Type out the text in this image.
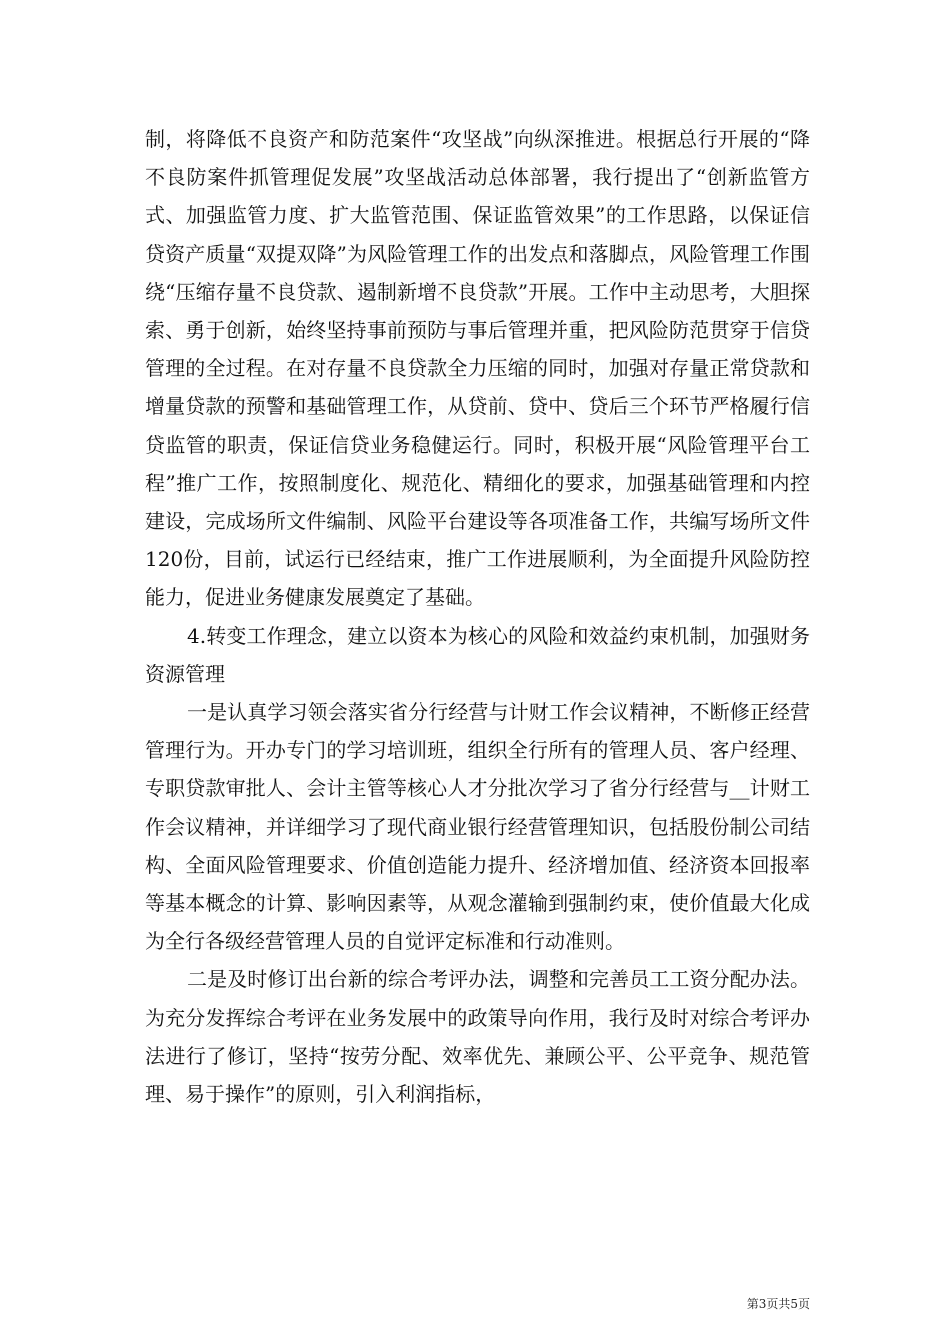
制，将降低不良资产和防范案件“攻坚战”向纵深推进。根据总行开展的“降不良防案件抓管理促发展”攻坚战活动总体部署，我行提出了“创新监管方式、加强监管力度、扩大监管范围、保证监管效果”的工作思路，以保证信贷资产质量“双提双降”为风险管理工作的出发点和落脚点，风险管理工作围绕“压缩存量不良贷款、遏制新增不良贷款”开展。工作中主动思考，大胆探索、勇于创新，始终坚持事前预防与事后管理并重，把风险防范贯穿于信贷管理的全过程。在对存量不良贷款全力压缩的同时，加强对存量正常贷款和增量贷款的预警和基础管理工作，从贷前、贷中、贷后三个环节严格履行信贷监管的职责，保证信贷业务稳健运行。同时，积极开展“风险管理平台工程”推广工作，按照制度化、规范化、精细化的要求，加强基础管理和内控建设，完成场所文件编制、风险平台建设等各项准备工作，共编写场所文件120份，目前，试运行已经结束，推广工作进展顺利，为全面提升风险防控能力，促进业务健康发展奠定了基础。

4.转变工作理念，建立以资本为核心的风险和效益约束机制，加强财务资源管理

一是认真学习领会落实省分行经营与计财工作会议精神，不断修正经营管理行为。开办专门的学习培训班，组织全行所有的管理人员、客户经理、专职贷款审批人、会计主管等核心人才分批次学习了省分行经营与__计财工作会议精神，并详细学习了现代商业银行经营管理知识，包括股份制公司结构、全面风险管理要求、价值创造能力提升、经济增加值、经济资本回报率等基本概念的计算、影响因素等，从观念灌输到强制约束，使价值最大化成为全行各级经营管理人员的自觉评定标准和行动准则。

二是及时修订出台新的综合考评办法，调整和完善员工工资分配办法。为充分发挥综合考评在业务发展中的政策导向作用，我行及时对综合考评办法进行了修订，坚持“按劳分配、效率优先、兼顾公平、公平竞争、规范管理、易于操作”的原则，引入利润指标，

第3页共5页
